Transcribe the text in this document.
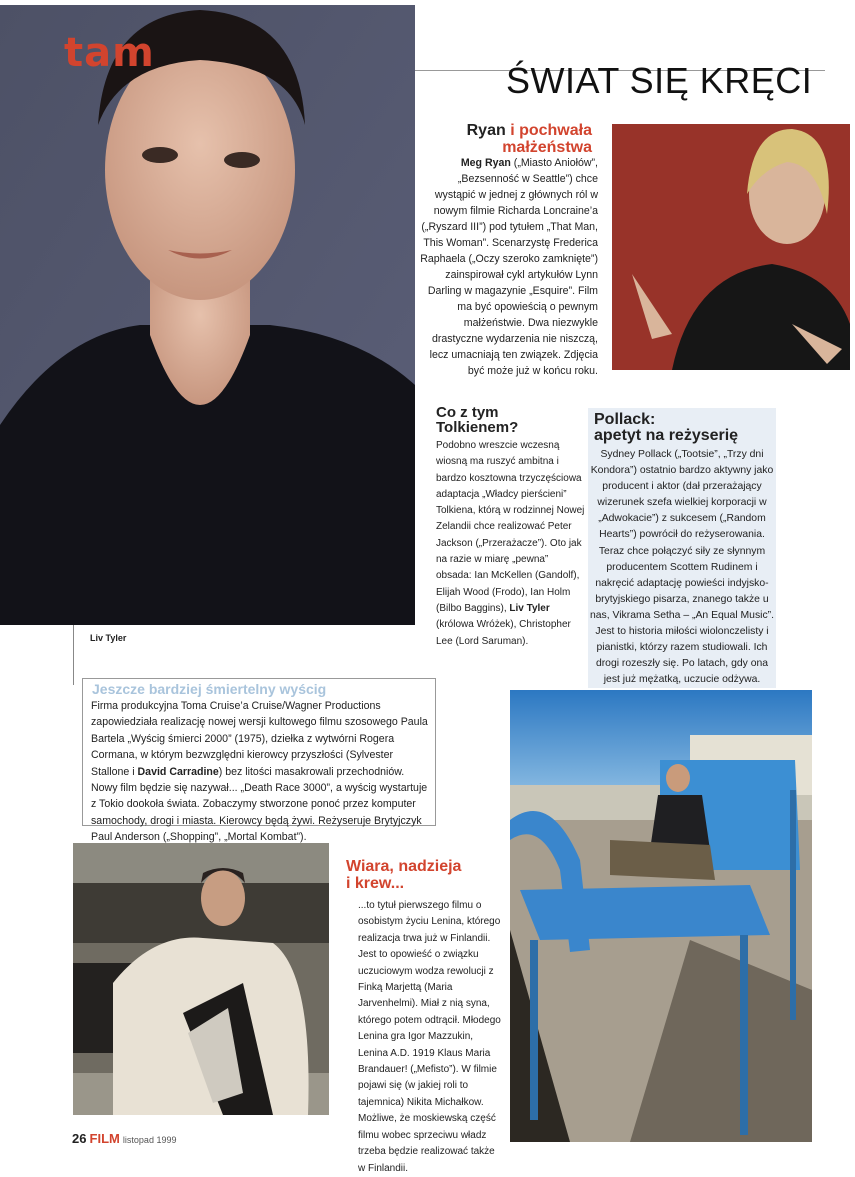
tam
ŚWIAT SIĘ KRĘCI
Liv Tyler
Ryan i pochwała
małżeństwa
Meg Ryan („Miasto Aniołów”, „Bezsenność w Seattle”) chce wystąpić w jednej z głównych ról w nowym filmie Richarda Loncraine’a („Ryszard III”) pod tytułem „That Man, This Woman”. Scenarzystę Frederica Raphaela („Oczy szeroko zamknięte”) zainspirował cykl artykułów Lynn Darling w magazynie „Esquire”. Film ma być opowieścią o pewnym małżeństwie. Dwa niezwykle drastyczne wydarzenia nie niszczą, lecz umacniają ten związek. Zdjęcia być może już w końcu roku.
Co z tym
Tolkienem?
Podobno wreszcie wczesną wiosną ma ruszyć ambitna i bardzo kosztowna trzyczęściowa adaptacja „Władcy pierścieni” Tolkiena, którą w rodzinnej Nowej Zelandii chce realizować Peter Jackson („Przerażacze”). Oto jak na razie w miarę „pewna” obsada: Ian McKellen (Gandolf), Elijah Wood (Frodo), Ian Holm (Bilbo Baggins), Liv Tyler (królowa Wróżek), Christopher Lee (Lord Saruman).
Pollack:
apetyt na reżyserię
Sydney Pollack („Tootsie”, „Trzy dni Kondora”) ostatnio bardzo aktywny jako producent i aktor (dał przerażający wizerunek szefa wielkiej korporacji w „Adwokacie”) z sukcesem („Random Hearts”) powrócił do reżyserowania. Teraz chce połączyć siły ze słynnym producentem Scottem Rudinem i nakręcić adaptację powieści indyjsko-brytyjskiego pisarza, znanego także u nas, Vikrama Setha – „An Equal Music”. Jest to historia miłości wiolonczelisty i pianistki, którzy razem studiowali. Ich drogi rozeszły się. Po latach, gdy ona jest już mężatką, uczucie odżywa.
Jeszcze bardziej śmiertelny wyścig
Firma produkcyjna Toma Cruise’a Cruise/Wagner Productions zapowiedziała realizację nowej wersji kultowego filmu szosowego Paula Bartela „Wyścig śmierci 2000” (1975), dziełka z wytwórni Rogera Cormana, w którym bezwzględni kierowcy przyszłości (Sylvester Stallone i David Carradine) bez litości masakrowali przechodniów. Nowy film będzie się nazywał... „Death Race 3000”, a wyścig wystartuje z Tokio dookoła świata. Zobaczymy stworzone ponoć przez komputer samochody, drogi i miasta. Kierowcy będą żywi. Reżyseruje Brytyjczyk Paul Anderson („Shopping”, „Mortal Kombat”).
Wiara, nadzieja
i krew...
...to tytuł pierwszego filmu o osobistym życiu Lenina, którego realizacja trwa już w Finlandii. Jest to opowieść o związku uczuciowym wodza rewolucji z Finką Marjettą (Maria Jarvenhelmi). Miał z nią syna, którego potem odtrącił. Młodego Lenina gra Igor Mazzukin, Lenina A.D. 1919 Klaus Maria Brandauer! („Mefisto”). W filmie pojawi się (w jakiej roli to tajemnica) Nikita Michałkow. Możliwe, że moskiewską część filmu wobec sprzeciwu władz trzeba będzie realizować także w Finlandii.
26 FILM listopad 1999
